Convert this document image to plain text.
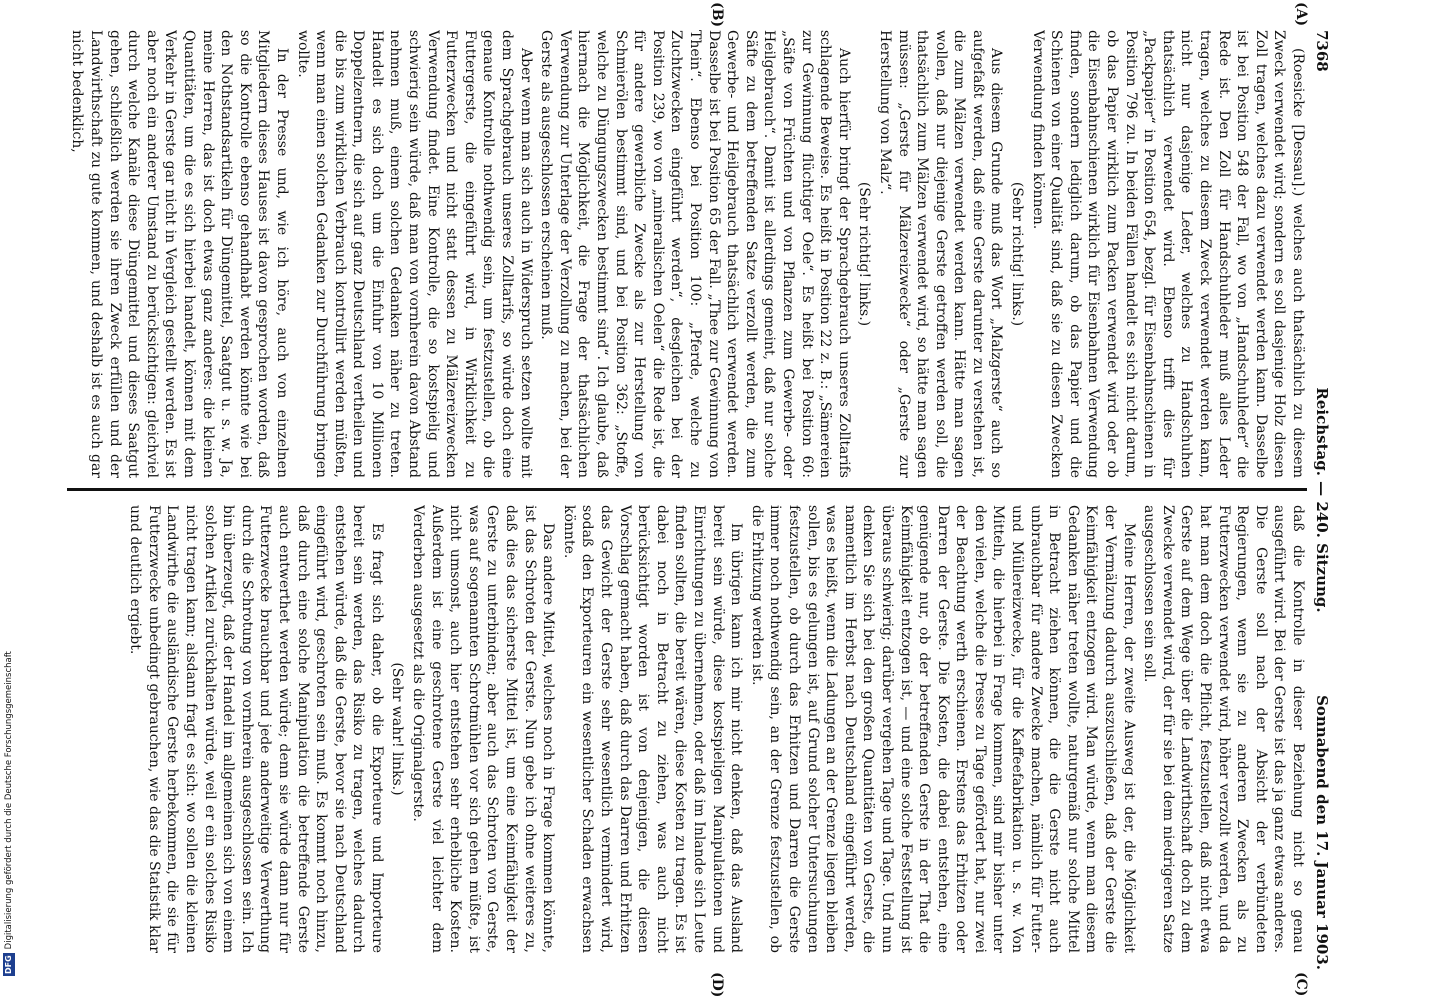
DFGDigitalisierung gefördert durch die Deutsche Forschungsgemeinschaft
7368
Reichstag. — 240. Sitzung.
Sonnabend den 17. Januar 1903.
(A)
(B)
(C)
(D)

(Roesicke [Dessau].) welches auch thatsächlich zu diesem Zweck verwendet wird; sondern es soll dasjenige Holz diesen Zoll tragen, welches dazu verwendet werden kann. Dasselbe ist bei Position 548 der Fall, wo von „Handschuhleder“ die Rede ist. Den Zoll für Handschuhleder muß alles Leder tragen, welches zu diesem Zweck verwendet werden kann, nicht nur dasjenige Leder, welches zu Handschuhen thatsächlich verwendet wird. Ebenso trifft dies für „Packpapier“ in Position 654, bezgl. für Eisenbahnschienen in Position 796 zu. In beiden Fällen handelt es sich nicht darum, ob das Papier wirklich zum Packen verwendet wird oder ob die Eisenbahnschienen wirklich für Eisenbahnen Verwendung finden, sondern lediglich darum, ob das Papier und die Schienen von einer Qualität sind, daß sie zu diesen Zwecken Verwendung finden können.

(Sehr richtig! links.)

Aus diesem Grunde muß das Wort „Malzgerste“ auch so aufgefaßt werden, daß eine Gerste darunter zu verstehen ist, die zum Mälzen verwendet werden kann. Hätte man sagen wollen, daß nur diejenige Gerste getroffen werden soll, die thatsächlich zum Mälzen verwendet wird, so hätte man sagen müssen: „Gerste für Mälzereizwecke“ oder „Gerste zur Herstellung von Malz“.

(Sehr richtig! links.)

Auch hierfür bringt der Sprachgebrauch unseres Zolltarifs schlagende Beweise. Es heißt in Position 22 z. B.: „Sämereien zur Gewinnung flüchtiger Oele“. Es heißt bei Position 60: „Säfte von Früchten und von Pflanzen zum Gewerbe- oder Heilgebrauch“. Damit ist allerdings gemeint, daß nur solche Säfte zu dem betreffenden Satze verzollt werden, die zum Gewerbe- und Heilgebrauch thatsächlich verwendet werden. Dasselbe ist bei Position 65 der Fall. „Thee zur Gewinnung von Thein“. Ebenso bei Position 100: „Pferde, welche zu Zuchtzwecken eingeführt werden“, desgleichen bei der Position 239, wo von „mineralischen Oelen“ die Rede ist, die für andere gewerbliche Zwecke als zur Herstellung von Schmierölen bestimmt sind, und bei Position 362: „Stoffe, welche zu Düngungszwecken bestimmt sind“. Ich glaube, daß hiernach die Möglichkeit, die Frage der thatsächlichen Verwendung zur Unterlage der Verzollung zu machen, bei der Gerste als ausgeschlossen erscheinen muß.

Aber wenn man sich auch in Widerspruch setzen wollte mit dem Sprachgebrauch unseres Zolltarifs, so würde doch eine genaue Kontrolle nothwendig sein, um festzustellen, ob die Futtergerste, die eingeführt wird, in Wirklichkeit zu Futterzwecken und nicht statt dessen zu Mälzereizwecken Verwendung findet. Eine Kontrolle, die so kostspielig und schwierig sein würde, daß man von vornherein davon Abstand nehmen muß, einem solchen Gedanken näher zu treten. Handelt es sich doch um die Einfuhr von 10 Millionen Doppelzentnern, die sich auf ganz Deutschland vertheilen und die bis zum wirklichen Verbrauch kontrollirt werden müßten, wenn man einen solchen Gedanken zur Durchführung bringen wollte.

In der Presse und, wie ich höre, auch von einzelnen Mitgliedern dieses Hauses ist davon gesprochen worden, daß so die Kontrolle ebenso gehandhabt werden könnte wie bei den Nothstandsartikeln für Düngemittel, Saatgut u. s. w. Ja, meine Herren, das ist doch etwas ganz anderes: die kleinen Quantitäten, um die es sich hierbei handelt, können mit dem Verkehr in Gerste gar nicht in Vergleich gestellt werden. Es ist aber noch ein anderer Umstand zu berücksichtigen: gleichviel durch welche Kanäle diese Düngemittel und dieses Saatgut gehen, schließlich werden sie ihren Zweck erfüllen und der Landwirthschaft zu gute kommen, und deshalb ist es auch gar nicht bedenklich,

daß die Kontrolle in dieser Beziehung nicht so genau ausgeführt wird. Bei der Gerste ist das ja ganz etwas anderes. Die Gerste soll nach der Absicht der verbündeten Regierungen, wenn sie zu anderen Zwecken als zu Futterzwecken verwendet wird, höher verzollt werden, und da hat man dem doch die Pflicht, festzustellen, daß nicht etwa Gerste auf dem Wege über die Landwirthschaft doch zu dem Zwecke verwendet wird, der für sie bei dem niedrigeren Satze ausgeschlossen sein soll.

Meine Herren, der zweite Ausweg ist der, die Möglichkeit der Vermälzung dadurch auszuschließen, daß der Gerste die Keimfähigkeit entzogen wird. Man würde, wenn man diesem Gedanken näher treten wollte, naturgemäß nur solche Mittel in Betracht ziehen können, die die Gerste nicht auch unbrauchbar für andere Zwecke machen, nämlich für Futter- und Müllereizwecke, für die Kaffeefabrikation u. s. w. Von Mitteln, die hierbei in Frage kommen, sind mir bisher unter den vielen, welche die Presse zu Tage gefördert hat, nur zwei der Beachtung werth erschienen. Erstens das Erhitzen oder Darren der Gerste. Die Kosten, die dabei entstehen, eine genügende nur, ob der betreffenden Gerste in der That die Keimfähigkeit entzogen ist, — und eine solche Feststellung ist überaus schwierig; darüber vergehen Tage und Tage. Und nun denken Sie sich bei den großen Quantitäten von Gerste, die namentlich im Herbst nach Deutschland eingeführt werden, was es heißt, wenn die Ladungen an der Grenze liegen bleiben sollen, bis es gelungen ist, auf Grund solcher Untersuchungen festzustellen, ob durch das Erhitzen und Darren die Gerste immer noch nothwendig sein, an der Grenze festzustellen, ob die Erhitzung werden ist.

Im übrigen kann ich mir nicht denken, daß das Ausland bereit sein würde, diese kostspieligen Manipulationen und Einrichtungen zu übernehmen, oder daß im Inlande sich Leute finden sollten, die bereit wären, diese Kosten zu tragen. Es ist dabei noch in Betracht zu ziehen, was auch nicht berücksichtigt worden ist von denjenigen, die diesen Vorschlag gemacht haben, daß durch das Darren und Erhitzen das Gewicht der Gerste sehr wesentlich vermindert wird, sodaß den Exporteuren ein wesentlicher Schaden erwachsen könnte.

Das andere Mittel, welches noch in Frage kommen könnte, ist das Schroten der Gerste. Nun gebe ich ohne weiteres zu, daß dies das sicherste Mittel ist, um eine Keimfähigkeit der Gerste zu unterbinden; aber auch das Schroten von Gerste, was auf sogenannten Schrotmühlen vor sich gehen müßte, ist nicht umsonst, auch hier entstehen sehr erhebliche Kosten. Außerdem ist eine geschrotene Gerste viel leichter dem Verderben ausgesetzt als die Originalgerste.

(Sehr wahr! links.)

Es fragt sich daher, ob die Exporteure und Importeure bereit sein werden, das Risiko zu tragen, welches dadurch entstehen würde, daß die Gerste, bevor sie nach Deutschland eingeführt wird, geschroten sein muß. Es kommt noch hinzu, daß durch eine solche Manipulation die betreffende Gerste auch entwerthet werden würde; denn sie würde dann nur für Futterzwecke brauchbar und jede anderweitige Verwerthung durch die Schrotung von vornherein ausgeschlossen sein. Ich bin überzeugt, daß der Handel im allgemeinen sich von einem solchen Artikel zurückhalten würde, weil er ein solches Risiko nicht tragen kann; alsdann fragt es sich: wo sollen die kleinen Landwirthe die ausländische Gerste herbekommen, die sie für Futterzwecke unbedingt gebrauchen, wie das die Statistik klar und deutlich ergiebt.
